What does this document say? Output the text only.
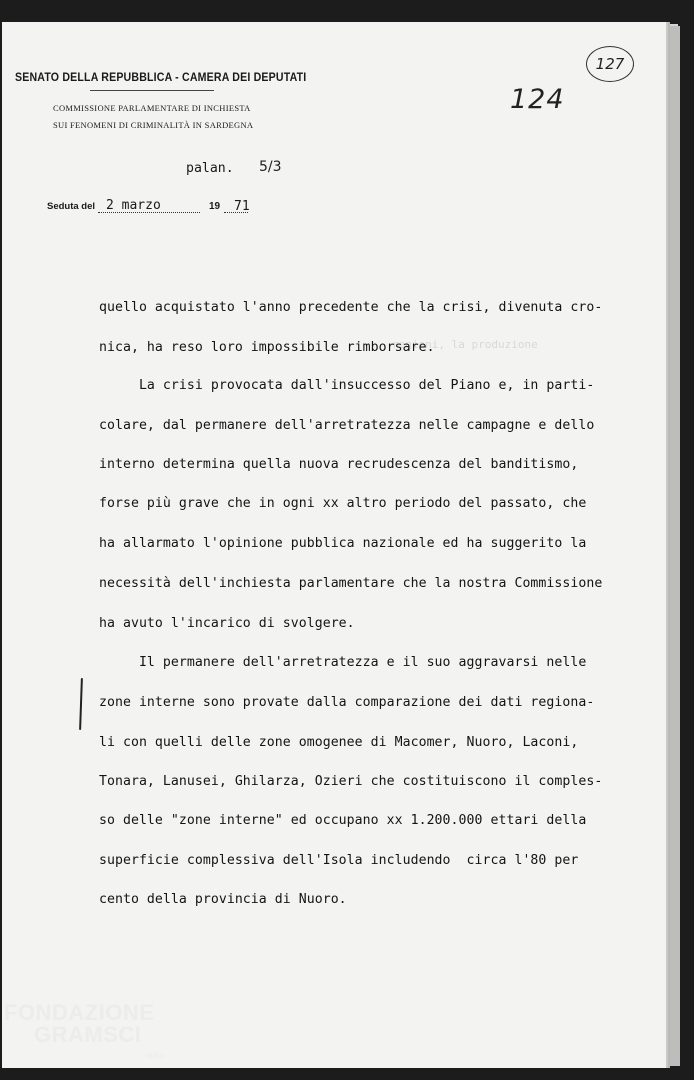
SENATO DELLA REPUBBLICA - CAMERA DEI DEPUTATI
COMMISSIONE PARLAMENTARE DI INCHIESTA
SUI FENOMENI DI CRIMINALITÀ IN SARDEGNA
127
124
palan. 5/3
Seduta del 2 marzo	19 71
regioni, la produzione
quello acquistato l'anno precedente che la crisi, divenuta cro-
nica, ha reso loro impossibile rimborsare.
La crisi provocata dall'insuccesso del Piano e, in parti-
colare, dal permanere dell'arretratezza nelle campagne e dello
interno determina quella nuova recrudescenza del banditismo,
forse più grave che in ogni xx altro periodo del passato, che
ha allarmato l'opinione pubblica nazionale ed ha suggerito la
necessità dell'inchiesta parlamentare che la nostra Commissione
ha avuto l'incarico di svolgere.
Il permanere dell'arretratezza e il suo aggravarsi nelle
zone interne sono provate dalla comparazione dei dati regiona-
li con quelli delle zone omogenee di Macomer, Nuoro, Laconi,
Tonara, Lanusei, Ghilarza, Ozieri che costituiscono il comples-
so delle "zone interne" ed occupano xx 1.200.000 ettari della
superficie complessiva dell'Isola includendo  circa l'80 per
cento della provincia di Nuoro.
FONDAZIONE
GRAMSCI
onlus
